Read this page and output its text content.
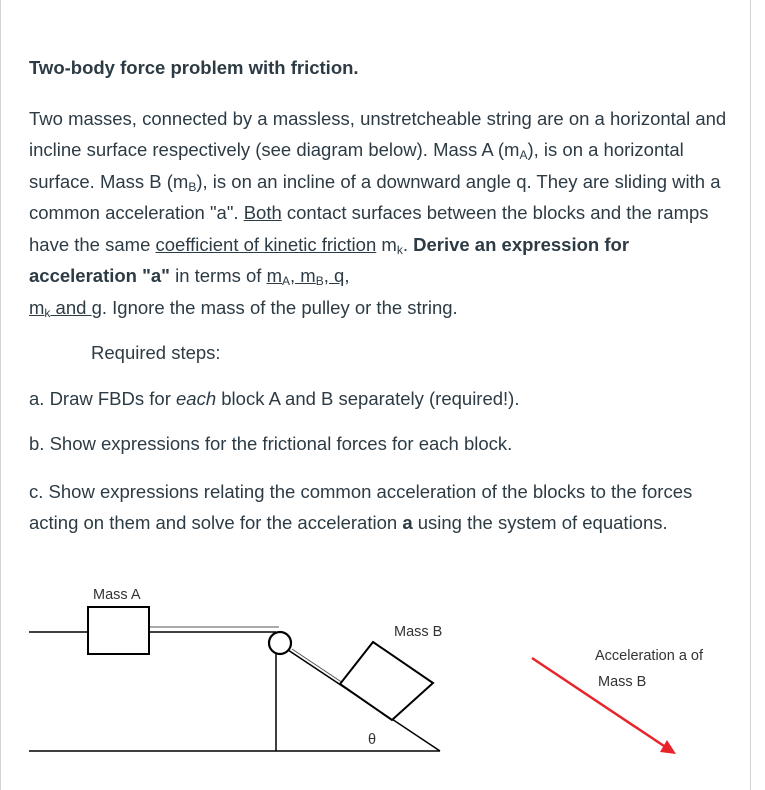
Two-body force problem with friction.

Two masses, connected by a massless, unstretcheable string are on a horizontal and incline surface respectively (see diagram below). Mass A $(m_A)$, is on a horizontal surface. Mass B $(m_B)$, is on an incline of a downward angle q. They are sliding with a common acceleration "a". Both contact surfaces between the blocks and the ramps have the same coefficient of kinetic friction $m_k$. Derive an expression for acceleration "a" in terms of $m_A$, $m_B$, q,
$m_k$ and g. Ignore the mass of the pulley or the string.

Required steps:

a. Draw FBDs for each block A and B separately (required!).

b. Show expressions for the frictional forces for each block.

c. Show expressions relating the common acceleration of the blocks to the forces acting on them and solve for the acceleration a using the system of equations.

Mass A
Mass B
θ
Acceleration a of
Mass B
